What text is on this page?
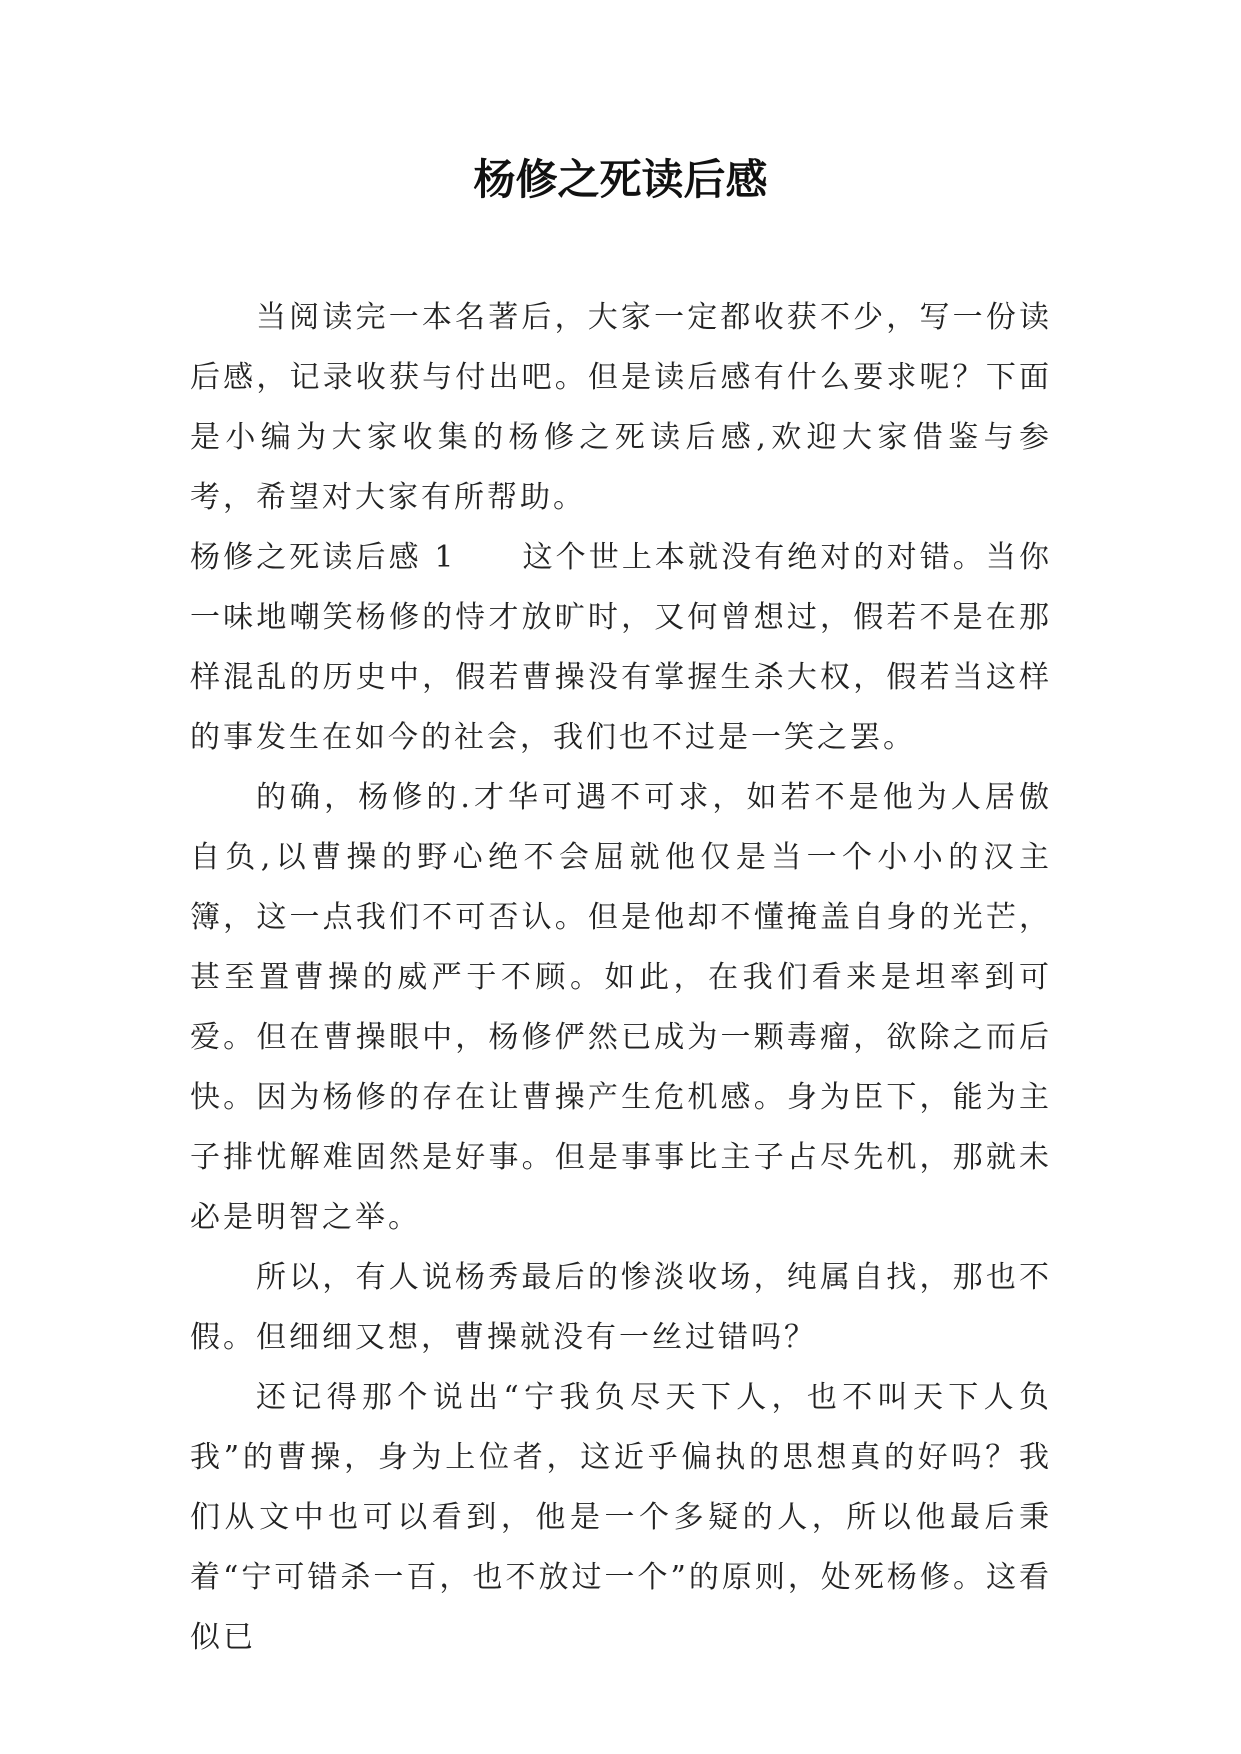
杨修之死读后感

当阅读完一本名著后，大家一定都收获不少，写一份读后感，记录收获与付出吧。但是读后感有什么要求呢？下面是小编为大家收集的杨修之死读后感,欢迎大家借鉴与参考，希望对大家有所帮助。

杨修之死读后感 1 这个世上本就没有绝对的对错。当你一味地嘲笑杨修的恃才放旷时，又何曾想过，假若不是在那样混乱的历史中，假若曹操没有掌握生杀大权，假若当这样的事发生在如今的社会，我们也不过是一笑之罢。

的确，杨修的.才华可遇不可求，如若不是他为人居傲自负,以曹操的野心绝不会屈就他仅是当一个小小的汉主簿，这一点我们不可否认。但是他却不懂掩盖自身的光芒，甚至置曹操的威严于不顾。如此，在我们看来是坦率到可爱。但在曹操眼中，杨修俨然已成为一颗毒瘤，欲除之而后快。因为杨修的存在让曹操产生危机感。身为臣下，能为主子排忧解难固然是好事。但是事事比主子占尽先机，那就未必是明智之举。

所以，有人说杨秀最后的惨淡收场，纯属自找，那也不假。但细细又想，曹操就没有一丝过错吗？

还记得那个说出“宁我负尽天下人，也不叫天下人负我”的曹操，身为上位者，这近乎偏执的思想真的好吗？我们从文中也可以看到，他是一个多疑的人，所以他最后秉着“宁可错杀一百，也不放过一个”的原则，处死杨修。这看似已
